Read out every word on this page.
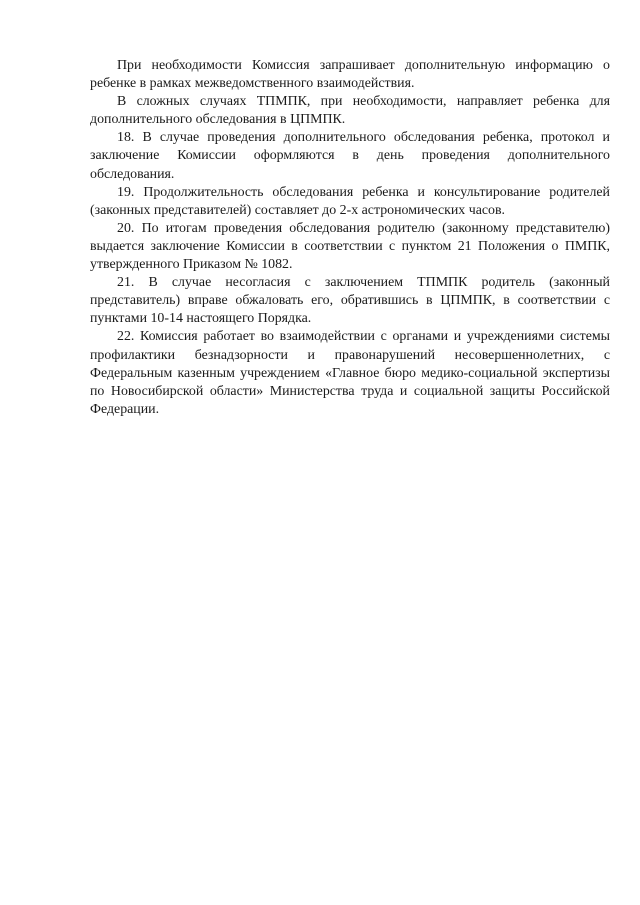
При необходимости Комиссия запрашивает дополнительную информацию о ребенке в рамках межведомственного взаимодействия.

В сложных случаях ТПМПК, при необходимости, направляет ребенка для дополнительного обследования в ЦПМПК.

18. В случае проведения дополнительного обследования ребенка, протокол и заключение Комиссии оформляются в день проведения дополнительного обследования.

19. Продолжительность обследования ребенка и консультирование родителей (законных представителей) составляет до 2-х астрономических часов.

20. По итогам проведения обследования родителю (законному представителю) выдается заключение Комиссии в соответствии с пунктом 21 Положения о ПМПК, утвержденного Приказом № 1082.

21. В случае несогласия с заключением ТПМПК родитель (законный представитель) вправе обжаловать его, обратившись в ЦПМПК, в соответствии с пунктами 10-14 настоящего Порядка.

22. Комиссия работает во взаимодействии с органами и учреждениями системы профилактики безнадзорности и правонарушений несовершеннолетних, с Федеральным казенным учреждением «Главное бюро медико-социальной экспертизы по Новосибирской области» Министерства труда и социальной защиты Российской Федерации.
